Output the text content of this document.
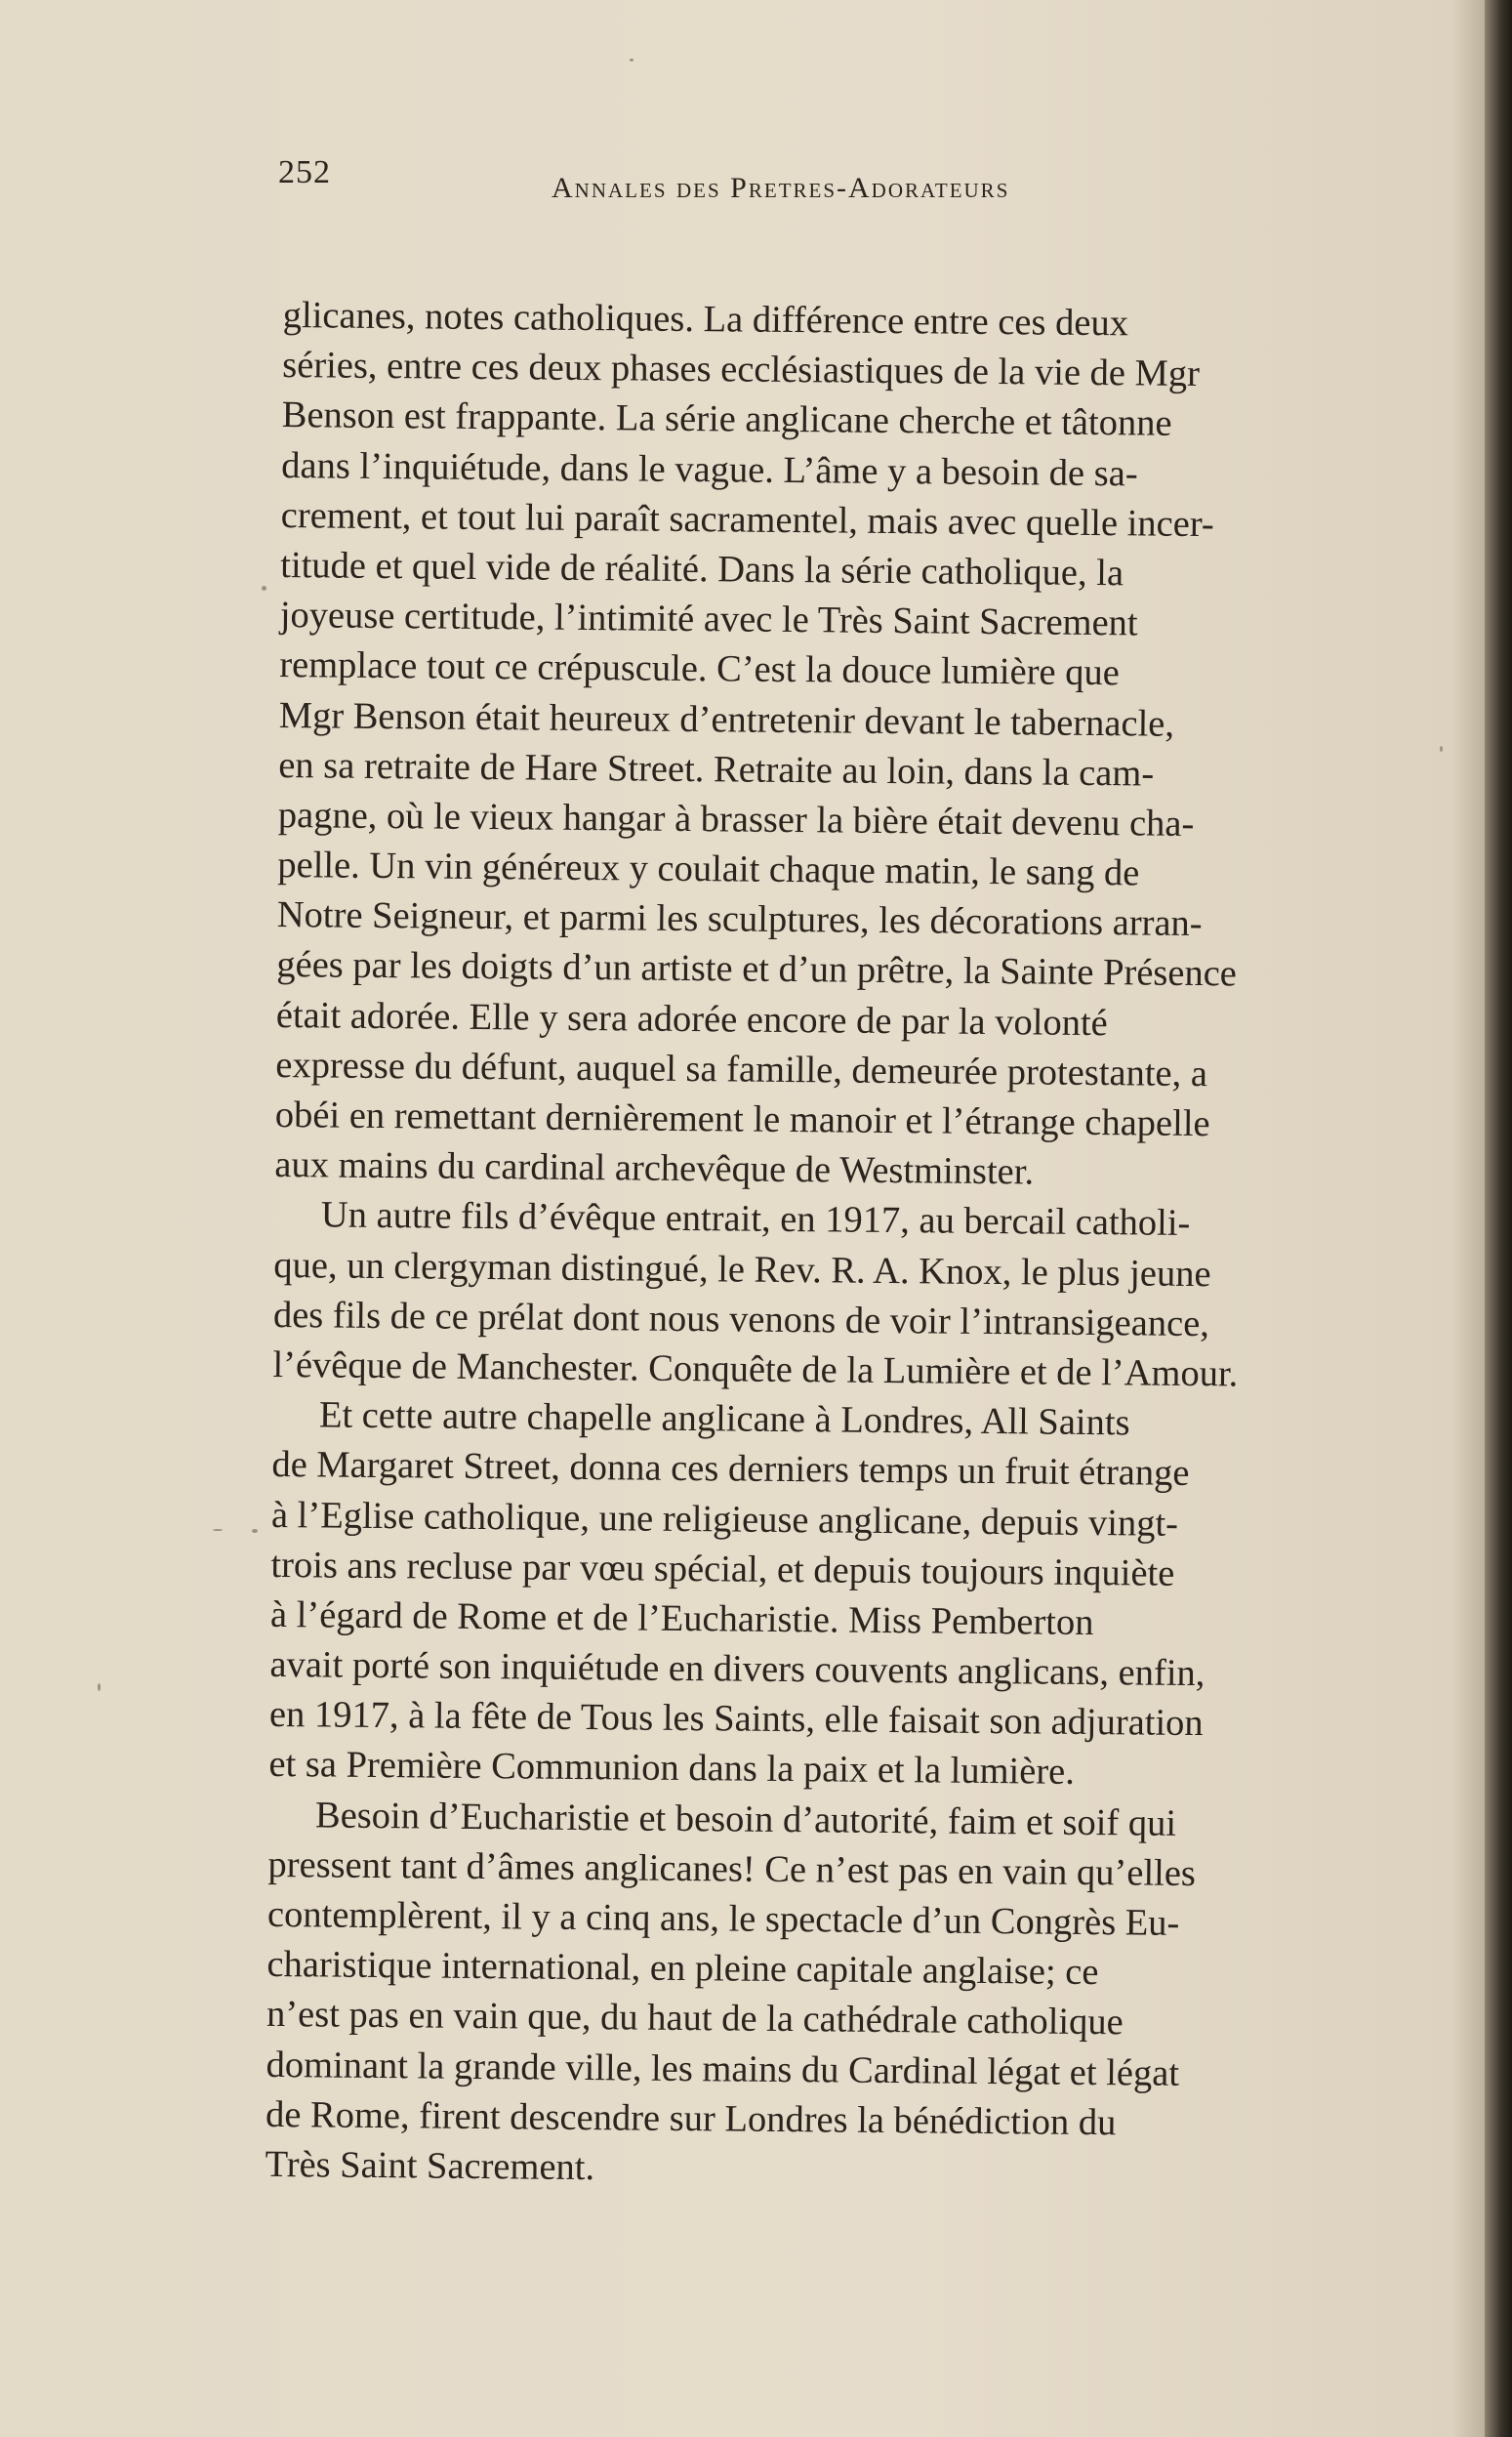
252	Annales des Pretres-Adorateurs
glicanes, notes catholiques. La différence entre ces deux
séries, entre ces deux phases ecclésiastiques de la vie de Mgr
Benson est frappante. La série anglicane cherche et tâtonne
dans l’inquiétude, dans le vague. L’âme y a besoin de sa-
crement, et tout lui paraît sacramentel, mais avec quelle incer-
titude et quel vide de réalité. Dans la série catholique, la
joyeuse certitude, l’intimité avec le Très Saint Sacrement
remplace tout ce crépuscule. C’est la douce lumière que
Mgr Benson était heureux d’entretenir devant le tabernacle,
en sa retraite de Hare Street. Retraite au loin, dans la cam-
pagne, où le vieux hangar à brasser la bière était devenu cha-
pelle. Un vin généreux y coulait chaque matin, le sang de
Notre Seigneur, et parmi les sculptures, les décorations arran-
gées par les doigts d’un artiste et d’un prêtre, la Sainte Présence
était adorée. Elle y sera adorée encore de par la volonté
expresse du défunt, auquel sa famille, demeurée protestante, a
obéi en remettant dernièrement le manoir et l’étrange chapelle
aux mains du cardinal archevêque de Westminster.
Un autre fils d’évêque entrait, en 1917, au bercail catholi-
que, un clergyman distingué, le Rev. R. A. Knox, le plus jeune
des fils de ce prélat dont nous venons de voir l’intransigeance,
l’évêque de Manchester. Conquête de la Lumière et de l’Amour.
Et cette autre chapelle anglicane à Londres, All Saints
de Margaret Street, donna ces derniers temps un fruit étrange
à l’Eglise catholique, une religieuse anglicane, depuis vingt-
trois ans recluse par vœu spécial, et depuis toujours inquiète
à l’égard de Rome et de l’Eucharistie. Miss Pemberton
avait porté son inquiétude en divers couvents anglicans, enfin,
en 1917, à la fête de Tous les Saints, elle faisait son adjuration
et sa Première Communion dans la paix et la lumière.
Besoin d’Eucharistie et besoin d’autorité, faim et soif qui
pressent tant d’âmes anglicanes! Ce n’est pas en vain qu’elles
contemplèrent, il y a cinq ans, le spectacle d’un Congrès Eu-
charistique international, en pleine capitale anglaise; ce
n’est pas en vain que, du haut de la cathédrale catholique
dominant la grande ville, les mains du Cardinal légat et légat
de Rome, firent descendre sur Londres la bénédiction du
Très Saint Sacrement.
